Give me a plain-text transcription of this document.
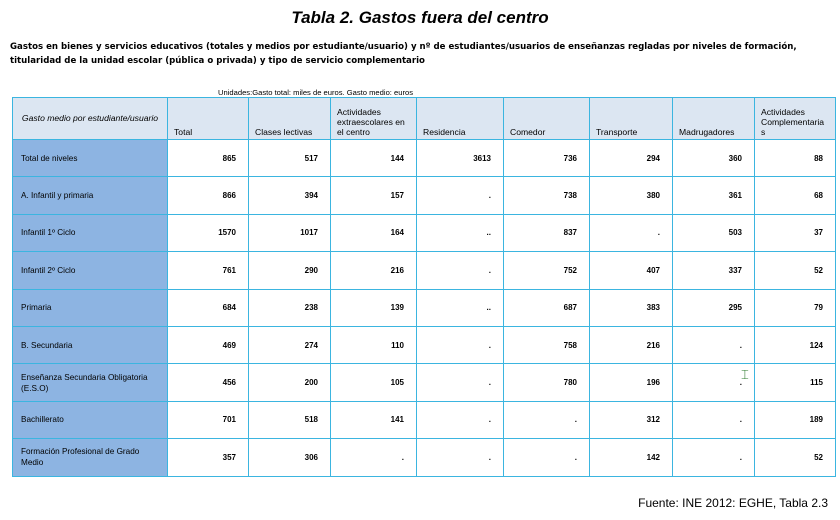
Tabla 2. Gastos fuera del centro
Gastos en bienes y servicios educativos (totales y medios por estudiante/usuario) y nº de estudiantes/usuarios de enseñanzas regladas por niveles de formación,
titularidad de la unidad escolar (pública o privada) y tipo de servicio complementario
Unidades:Gasto total: miles de euros. Gasto medio: euros
Gasto medio por estudiante/usuario	Total	Clases lectivas	Actividades extraescolares en el centro	Residencia	Comedor	Transporte	Madrugadores	Actividades Complementaria s
Total de niveles	865	517	144	3613	736	294	360	88
A. Infantil y primaria	866	394	157	.	738	380	361	68
Infantil 1º Ciclo	1570	1017	164	..	837	.	503	37
Infantil 2º Ciclo	761	290	216	.	752	407	337	52
Primaria	684	238	139	..	687	383	295	79
B. Secundaria	469	274	110	.	758	216	.	124
Enseñanza Secundaria Obligatoria (E.S.O)	456	200	105	.	780	196	.	115
Bachillerato	701	518	141	.	.	312	.	189
Formación Profesional de Grado Medio	357	306	.	.	.	142	.	52
⌶
Fuente: INE 2012: EGHE, Tabla 2.3
